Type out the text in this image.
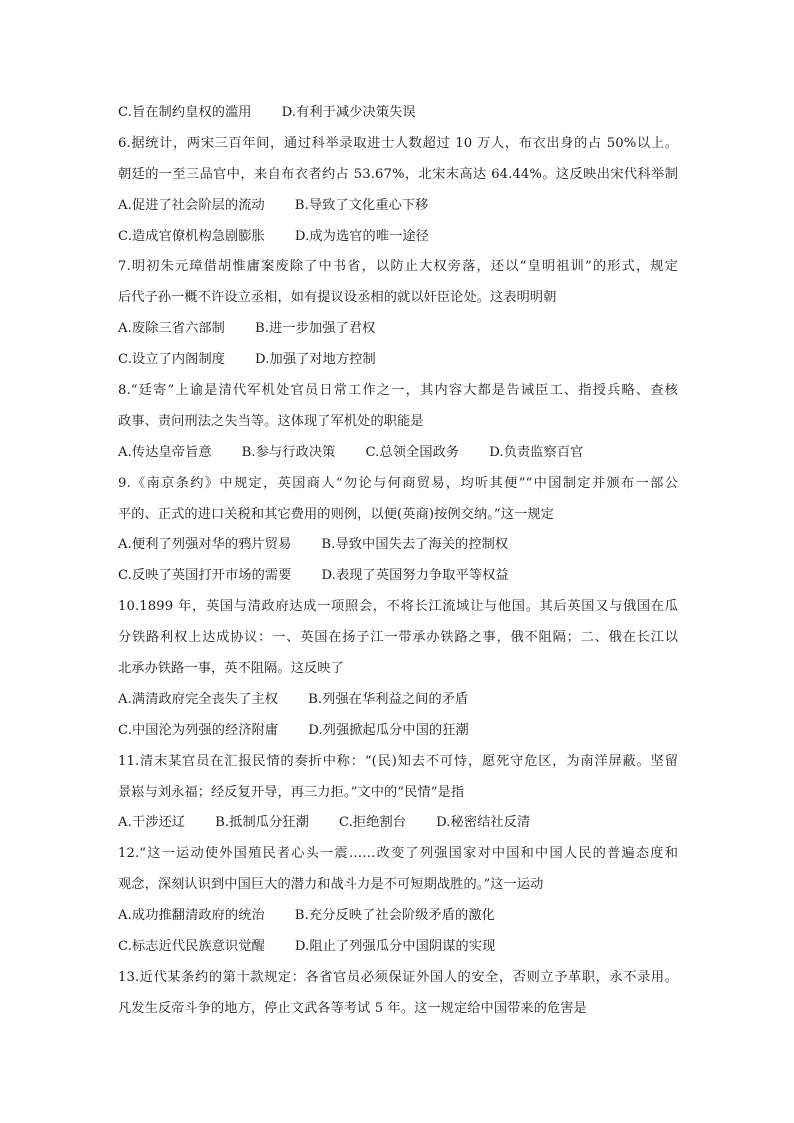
C.旨在制约皇权的滥用 D.有利于减少决策失误
6.据统计，两宋三百年间，通过科举录取进士人数超过 10 万人，布衣出身的占 50%以上。
朝廷的一至三品官中，来自布衣者约占 53.67%，北宋末高达 64.44%。这反映出宋代科举制
A.促进了社会阶层的流动 B.导致了文化重心下移
C.造成官僚机构急剧膨胀 D.成为选官的唯一途径
7.明初朱元璋借胡惟庸案废除了中书省，以防止大权旁落，还以“皇明祖训”的形式，规定
后代子孙一概不许设立丞相，如有提议设丞相的就以奸臣论处。这表明明朝
A.废除三省六部制 B.进一步加强了君权
C.设立了内阁制度 D.加强了对地方控制
8.“廷寄”上谕是清代军机处官员日常工作之一，其内容大都是告诫臣工、指授兵略、查核
政事、责问刑法之失当等。这体现了军机处的职能是
A.传达皇帝旨意 B.参与行政决策 C.总领全国政务 D.负责监察百官
9.《南京条约》中规定，英国商人“勿论与何商贸易，均听其便”“中国制定并颁布一部公
平的、正式的进口关税和其它费用的则例，以便(英商)按例交纳。”这一规定
A.便利了列强对华的鸦片贸易 B.导致中国失去了海关的控制权
C.反映了英国打开市场的需要 D.表现了英国努力争取平等权益
10.1899 年，英国与清政府达成一项照会，不将长江流域让与他国。其后英国又与俄国在瓜
分铁路利权上达成协议：一、英国在扬子江一带承办铁路之事，俄不阻隔；二、俄在长江以
北承办铁路一事，英不阻隔。这反映了
A.满清政府完全丧失了主权 B.列强在华利益之间的矛盾
C.中国沦为列强的经济附庸 D.列强掀起瓜分中国的狂潮
11.清末某官员在汇报民情的奏折中称：“(民)知去不可恃，愿死守危区，为南洋屏蔽。坚留
景崧与刘永福；经反复开导，再三力拒。”文中的“民情”是指
A.干涉还辽 B.抵制瓜分狂潮 C.拒绝割台 D.秘密结社反清
12.“这一运动使外国殖民者心头一震……改变了列强国家对中国和中国人民的普遍态度和
观念，深刻认识到中国巨大的潜力和战斗力是不可短期战胜的。”这一运动
A.成功推翻清政府的统治 B.充分反映了社会阶级矛盾的激化
C.标志近代民族意识觉醒 D.阻止了列强瓜分中国阴谋的实现
13.近代某条约的第十款规定：各省官员必须保证外国人的安全，否则立予革职，永不录用。
凡发生反帝斗争的地方，停止文武各等考试 5 年。这一规定给中国带来的危害是
